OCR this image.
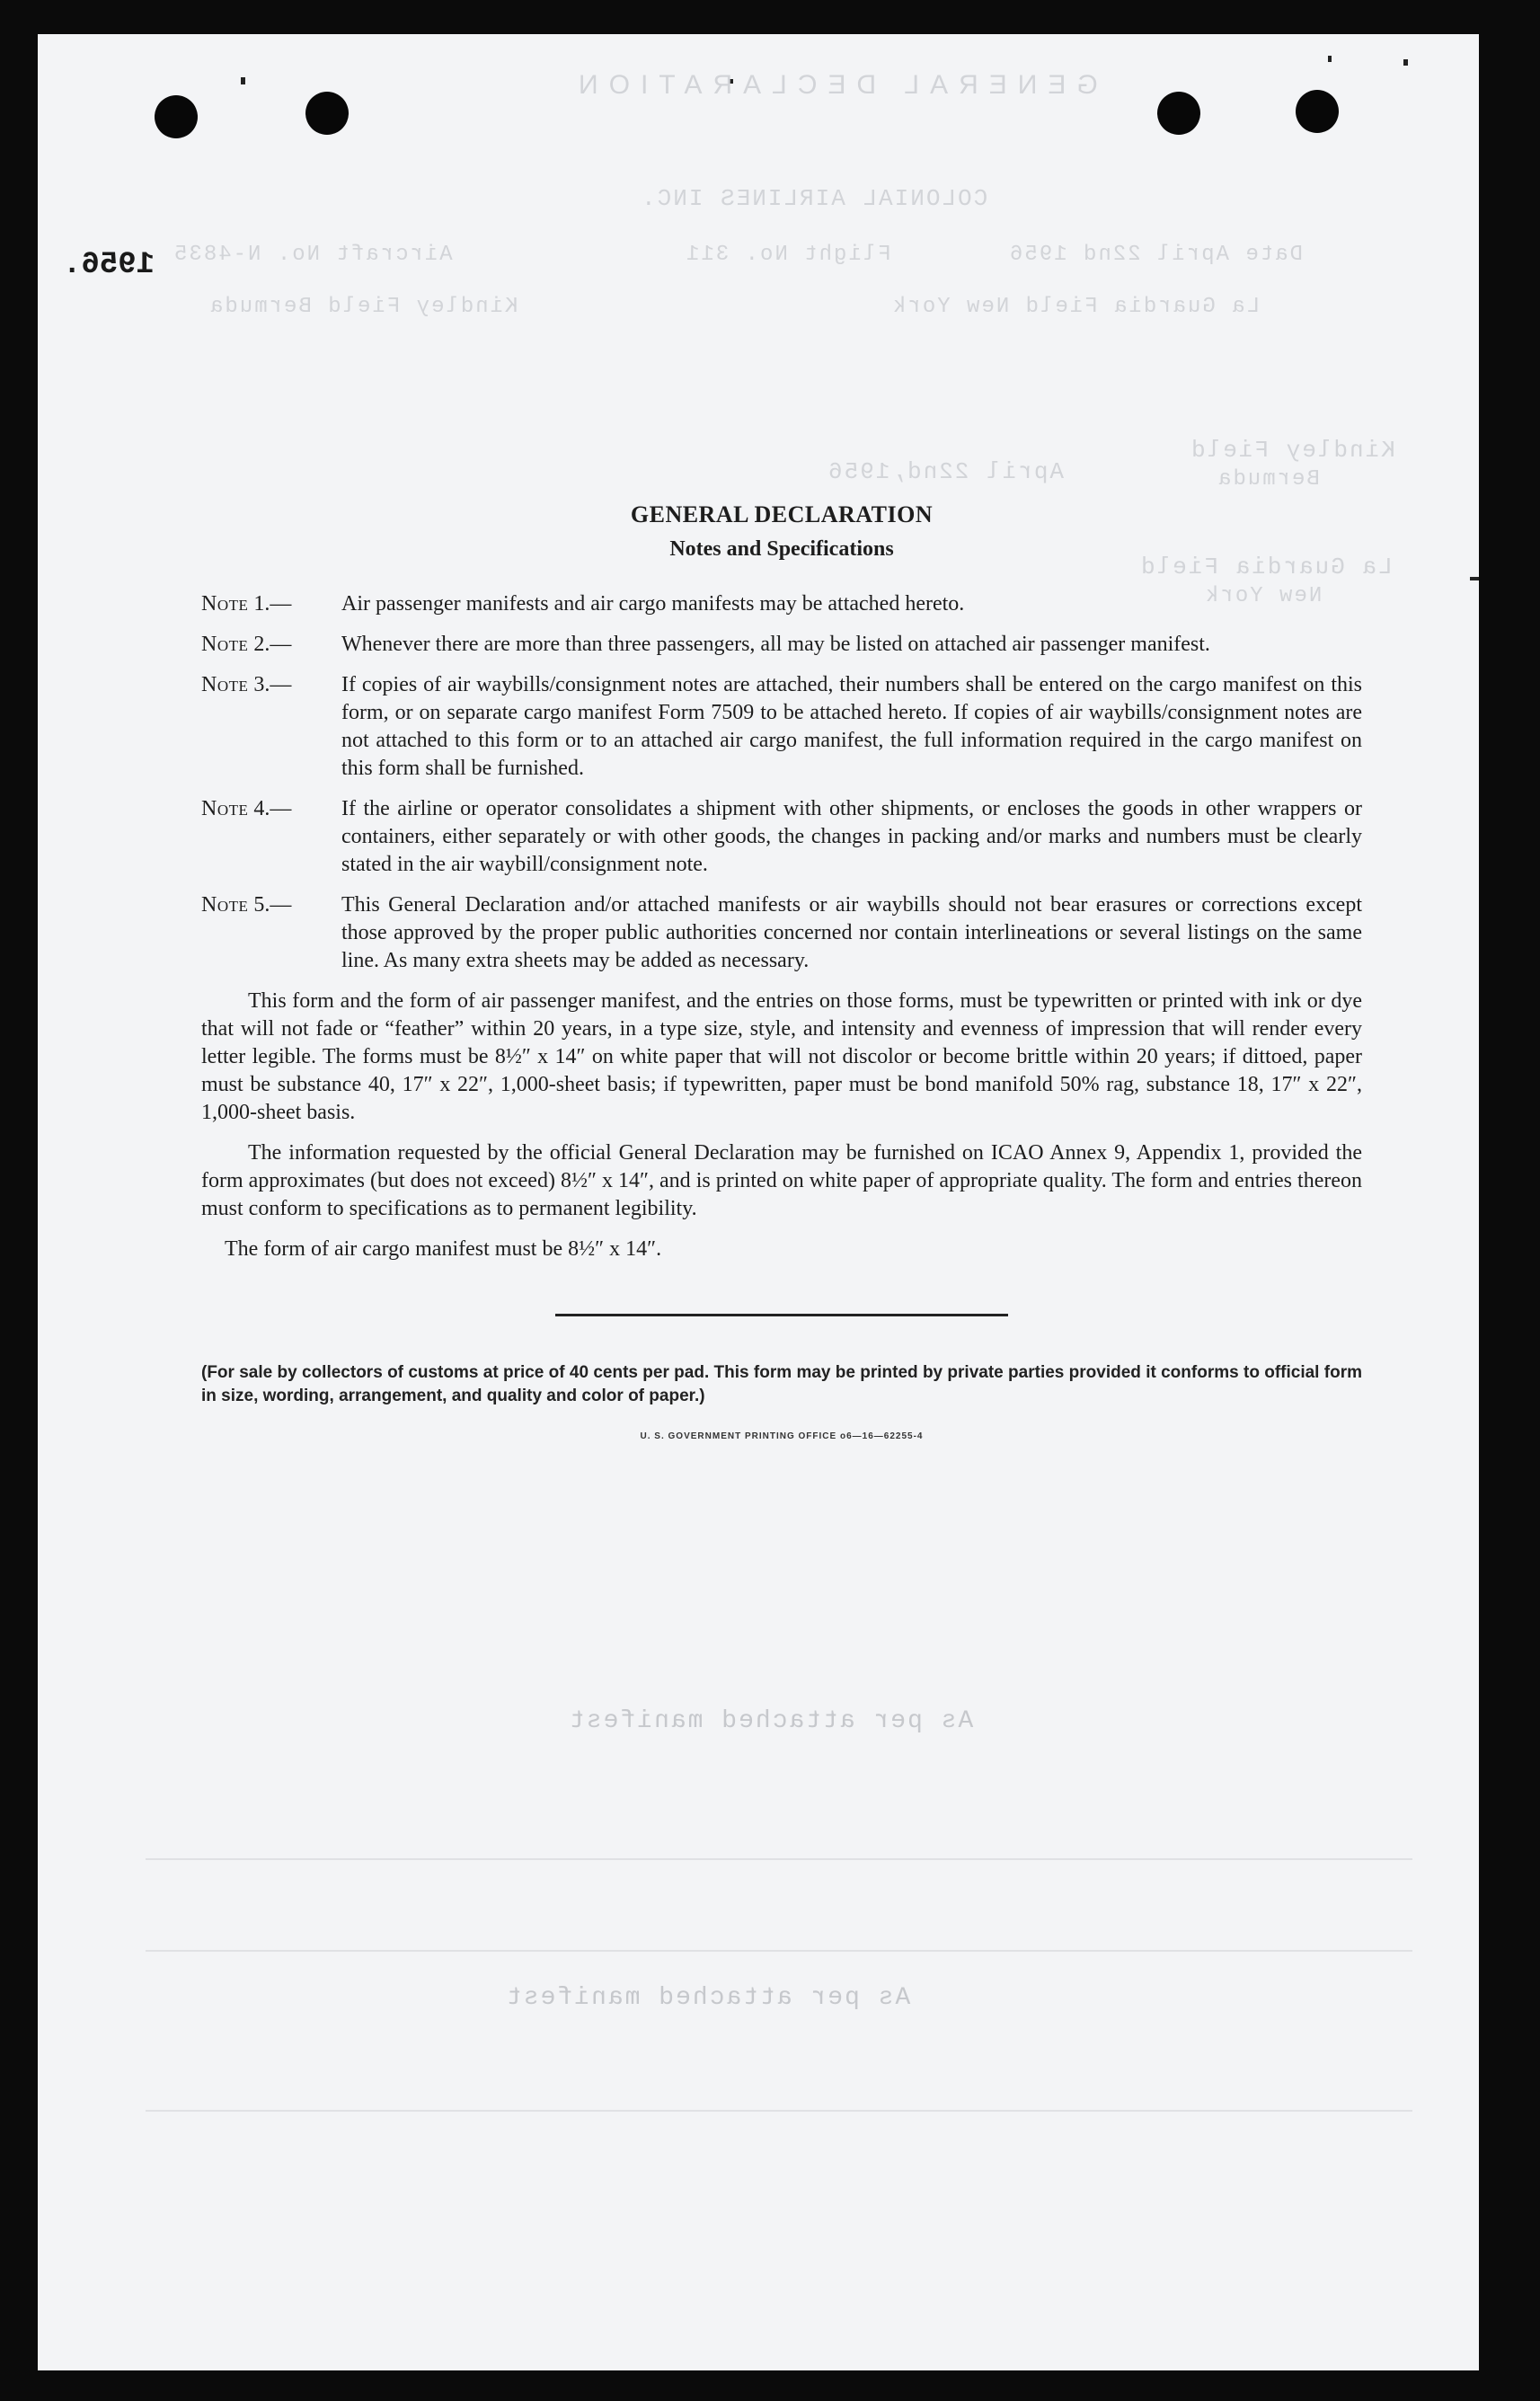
GENERAL DECLARATION
COLONIAL AIRLINES INC.
Aircraft No. N-4835	Flight No. 311	Date April 22nd 1956
Kindley Field Bermuda	La Guardia Field New York
Kindley Field
Bermuda
April 22nd,1956
La Guardia Field
New York
As per attached manifest
As per attached manifest
1956.
GENERAL DECLARATION
Notes and Specifications
Note 1.—	Air passenger manifests and air cargo manifests may be attached hereto.
Note 2.—	Whenever there are more than three passengers, all may be listed on attached air passenger manifest.
Note 3.—	If copies of air waybills/consignment notes are attached, their numbers shall be entered on the cargo manifest on this form, or on separate cargo manifest Form 7509 to be attached hereto. If copies of air waybills/consignment notes are not attached to this form or to an attached air cargo manifest, the full information required in the cargo manifest on this form shall be furnished.
Note 4.—	If the airline or operator consolidates a shipment with other shipments, or encloses the goods in other wrappers or containers, either separately or with other goods, the changes in packing and/or marks and numbers must be clearly stated in the air waybill/consignment note.
Note 5.—	This General Declaration and/or attached manifests or air waybills should not bear erasures or corrections except those approved by the proper public authorities concerned nor contain interlineations or several listings on the same line. As many extra sheets may be added as necessary.

This form and the form of air passenger manifest, and the entries on those forms, must be typewritten or printed with ink or dye that will not fade or “feather” within 20 years, in a type size, style, and intensity and evenness of impression that will render every letter legible. The forms must be 8½″ x 14″ on white paper that will not discolor or become brittle within 20 years; if dittoed, paper must be substance 40, 17″ x 22″, 1,000-sheet basis; if typewritten, paper must be bond manifold 50% rag, substance 18, 17″ x 22″, 1,000-sheet basis.

The information requested by the official General Declaration may be furnished on ICAO Annex 9, Appendix 1, provided the form approximates (but does not exceed) 8½″ x 14″, and is printed on white paper of appropriate quality. The form and entries thereon must conform to specifications as to permanent legibility.

The form of air cargo manifest must be 8½″ x 14″.

(For sale by collectors of customs at price of 40 cents per pad. This form may be printed by private parties provided it conforms to official form in size, wording, arrangement, and quality and color of paper.)
U. S. GOVERNMENT PRINTING OFFICE o6—16—62255-4
